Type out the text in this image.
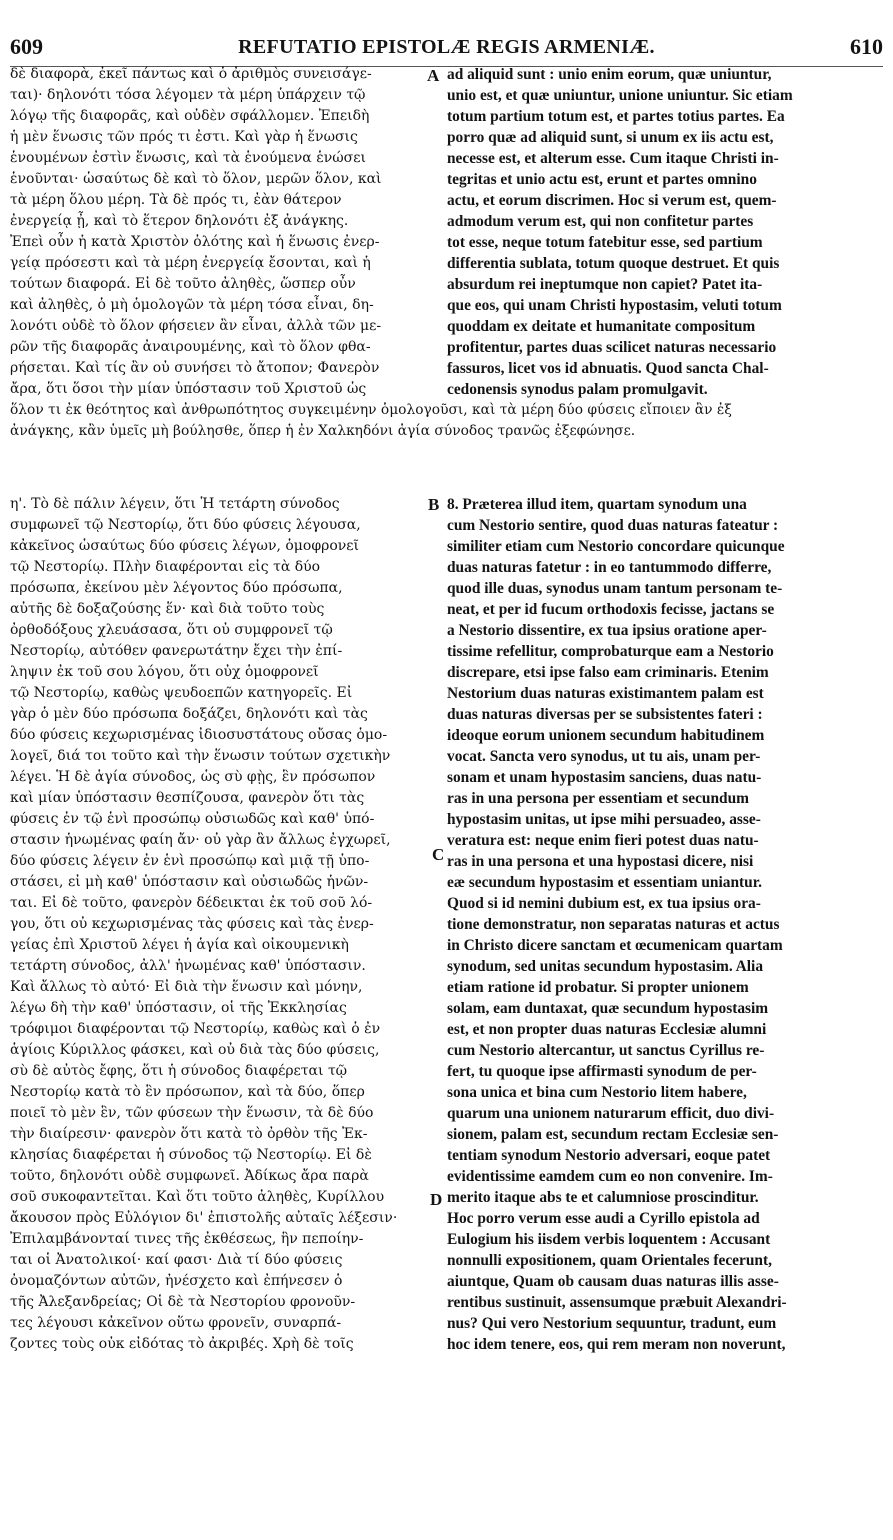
609	REFUTATIO EPISTOLÆ REGIS ARMENIÆ.	610
A
B
C
D
δὲ διαφορὰ, ἐκεῖ πάντως καὶ ὁ ἀριθμὸς συνεισάγε-
ται)· δηλονότι τόσα λέγομεν τὰ μέρη ὑπάρχειν τῷ
λόγῳ τῆς διαφορᾶς, καὶ οὐδὲν σφάλλομεν. Ἐπειδὴ
ἡ μὲν ἕνωσις τῶν πρός τι ἐστι. Καὶ γὰρ ἡ ἕνωσις
ἑνουμένων ἐστὶν ἕνωσις, καὶ τὰ ἑνούμενα ἑνώσει
ἑνοῦνται· ὡσαύτως δὲ καὶ τὸ ὅλον, μερῶν ὅλον, καὶ
τὰ μέρη ὅλου μέρη. Τὰ δὲ πρός τι, ἐὰν θάτερον
ἐνεργείᾳ ᾖ, καὶ τὸ ἕτερον δηλονότι ἐξ ἀνάγκης.
Ἐπεὶ οὖν ἡ κατὰ Χριστὸν ὁλότης καὶ ἡ ἕνωσις ἐνερ-
γείᾳ πρόσεστι καὶ τὰ μέρη ἐνεργείᾳ ἔσονται, καὶ ἡ
τούτων διαφορά. Εἰ δὲ τοῦτο ἀληθὲς, ὥσπερ οὖν
καὶ ἀληθὲς, ὁ μὴ ὁμολογῶν τὰ μέρη τόσα εἶναι, δη-
λονότι οὐδὲ τὸ ὅλον φήσειεν ἂν εἶναι, ἀλλὰ τῶν με-
ρῶν τῆς διαφορᾶς ἀναιρουμένης, καὶ τὸ ὅλον φθα-
ρήσεται. Καὶ τίς ἂν οὐ συνήσει τὸ ἄτοπον; Φανερὸν
ἄρα, ὅτι ὅσοι τὴν μίαν ὑπόστασιν τοῦ Χριστοῦ ὡς
ad aliquid sunt : unio enim eorum, quæ uniuntur,
unio est, et quæ uniuntur, unione uniuntur. Sic etiam
totum partium totum est, et partes totius partes. Ea
porro quæ ad aliquid sunt, si unum ex iis actu est,
necesse est, et alterum esse. Cum itaque Christi in-
tegritas et unio actu est, erunt et partes omnino
actu, et eorum discrimen. Hoc si verum est, quem-
admodum verum est, qui non confitetur partes
tot esse, neque totum fatebitur esse, sed partium
differentia sublata, totum quoque destruet. Et quis
absurdum rei ineptumque non capiet? Patet ita-
que eos, qui unam Christi hypostasim, veluti totum
quoddam ex deitate et humanitate compositum
profitentur, partes duas scilicet naturas necessario
fassuros, licet vos id abnuatis. Quod sancta Chal-
cedonensis synodus palam promulgavit.
ὅλον τι ἐκ θεότητος καὶ ἀνθρωπότητος συγκειμένην ὁμολογοῦσι, καὶ τὰ μέρη δύο φύσεις εἴποιεν ἂν ἐξ
ἀνάγκης, κἂν ὑμεῖς μὴ βούλησθε, ὅπερ ἡ ἐν Χαλκηδόνι ἁγία σύνοδος τρανῶς ἐξεφώνησε.
η'. Τὸ δὲ πάλιν λέγειν, ὅτι Ἡ τετάρτη σύνοδος
συμφωνεῖ τῷ Νεστορίῳ, ὅτι δύο φύσεις λέγουσα,
κἀκεῖνος ὡσαύτως δύο φύσεις λέγων, ὁμοφρονεῖ
τῷ Νεστορίῳ. Πλὴν διαφέρονται εἰς τὰ δύο
πρόσωπα, ἐκείνου μὲν λέγοντος δύο πρόσωπα,
αὐτῆς δὲ δοξαζούσης ἕν· καὶ διὰ τοῦτο τοὺς
ὀρθοδόξους χλευάσασα, ὅτι οὐ συμφρονεῖ τῷ
Νεστορίῳ, αὐτόθεν φανερωτάτην ἔχει τὴν ἐπί-
ληψιν ἐκ τοῦ σου λόγου, ὅτι οὐχ ὁμοφρονεῖ
τῷ Νεστορίῳ, καθὼς ψευδοεπῶν κατηγορεῖς. Εἰ
γὰρ ὁ μὲν δύο πρόσωπα δοξάζει, δηλονότι καὶ τὰς
δύο φύσεις κεχωρισμένας ἰδιοσυστάτους οὔσας ὁμο-
λογεῖ, διά τοι τοῦτο καὶ τὴν ἕνωσιν τούτων σχετικὴν
λέγει. Ἡ δὲ ἁγία σύνοδος, ὡς σὺ φῂς, ἓν πρόσωπον
καὶ μίαν ὑπόστασιν θεσπίζουσα, φανερὸν ὅτι τὰς
φύσεις ἐν τῷ ἑνὶ προσώπῳ οὐσιωδῶς καὶ καθ' ὑπό-
στασιν ἡνωμένας φαίη ἄν· οὐ γὰρ ἂν ἄλλως ἐγχωρεῖ,
δύο φύσεις λέγειν ἐν ἑνὶ προσώπῳ καὶ μιᾷ τῇ ὑπο-
στάσει, εἰ μὴ καθ' ὑπόστασιν καὶ οὐσιωδῶς ἡνῶν-
ται. Εἰ δὲ τοῦτο, φανερὸν δέδεικται ἐκ τοῦ σοῦ λό-
γου, ὅτι οὐ κεχωρισμένας τὰς φύσεις καὶ τὰς ἐνερ-
γείας ἐπὶ Χριστοῦ λέγει ἡ ἁγία καὶ οἰκουμενικὴ
τετάρτη σύνοδος, ἀλλ' ἡνωμένας καθ' ὑπόστασιν.
Καὶ ἄλλως τὸ αὐτό· Εἰ διὰ τὴν ἕνωσιν καὶ μόνην,
λέγω δὴ τὴν καθ' ὑπόστασιν, οἱ τῆς Ἐκκλησίας
τρόφιμοι διαφέρονται τῷ Νεστορίῳ, καθὼς καὶ ὁ ἐν
ἁγίοις Κύριλλος φάσκει, καὶ οὐ διὰ τὰς δύο φύσεις,
σὺ δὲ αὐτὸς ἔφης, ὅτι ἡ σύνοδος διαφέρεται τῷ
Νεστορίῳ κατὰ τὸ ἓν πρόσωπον, καὶ τὰ δύο, ὅπερ
ποιεῖ τὸ μὲν ἓν, τῶν φύσεων τὴν ἕνωσιν, τὰ δὲ δύο
τὴν διαίρεσιν· φανερὸν ὅτι κατὰ τὸ ὀρθὸν τῆς Ἐκ-
κλησίας διαφέρεται ἡ σύνοδος τῷ Νεστορίῳ. Εἰ δὲ
τοῦτο, δηλονότι οὐδὲ συμφωνεῖ. Ἀδίκως ἄρα παρὰ
σοῦ συκοφαντεῖται. Καὶ ὅτι τοῦτο ἀληθὲς, Κυρίλλου
ἄκουσον πρὸς Εὐλόγιον δι' ἐπιστολῆς αὐταῖς λέξεσιν·
Ἐπιλαμβάνονταί τινες τῆς ἐκθέσεως, ἣν πεποίην-
ται οἱ Ἀνατολικοί· καί φασι· Διὰ τί δύο φύσεις
ὀνομαζόντων αὐτῶν, ἠνέσχετο καὶ ἐπήνεσεν ὁ
τῆς Ἀλεξανδρείας; Οἱ δὲ τὰ Νεστορίου φρονοῦν-
τες λέγουσι κἀκεῖνον οὕτω φρονεῖν, συναρπά-
ζοντες τοὺς οὐκ εἰδότας τὸ ἀκριβές. Χρὴ δὲ τοῖς
8. Præterea illud item, quartam synodum una
cum Nestorio sentire, quod duas naturas fateatur :
similiter etiam cum Nestorio concordare quicunque
duas naturas fatetur : in eo tantummodo differre,
quod ille duas, synodus unam tantum personam te-
neat, et per id fucum orthodoxis fecisse, jactans se
a Nestorio dissentire, ex tua ipsius oratione aper-
tissime refellitur, comprobaturque eam a Nestorio
discrepare, etsi ipse falso eam criminaris. Etenim
Nestorium duas naturas existimantem palam est
duas naturas diversas per se subsistentes fateri :
ideoque eorum unionem secundum habitudinem
vocat. Sancta vero synodus, ut tu ais, unam per-
sonam et unam hypostasim sanciens, duas natu-
ras in una persona per essentiam et secundum
hypostasim unitas, ut ipse mihi persuadeo, asse-
veratura est: neque enim fieri potest duas natu-
ras in una persona et una hypostasi dicere, nisi
eæ secundum hypostasim et essentiam uniantur.
Quod si id nemini dubium est, ex tua ipsius ora-
tione demonstratur, non separatas naturas et actus
in Christo dicere sanctam et œcumenicam quartam
synodum, sed unitas secundum hypostasim. Alia
etiam ratione id probatur. Si propter unionem
solam, eam duntaxat, quæ secundum hypostasim
est, et non propter duas naturas Ecclesiæ alumni
cum Nestorio altercantur, ut sanctus Cyrillus re-
fert, tu quoque ipse affirmasti synodum de per-
sona unica et bina cum Nestorio litem habere,
quarum una unionem naturarum efficit, duo divi-
sionem, palam est, secundum rectam Ecclesiæ sen-
tentiam synodum Nestorio adversari, eoque patet
evidentissime eamdem cum eo non convenire. Im-
merito itaque abs te et calumniose proscinditur.
Hoc porro verum esse audi a Cyrillo epistola ad
Eulogium his iisdem verbis loquentem : Accusant
nonnulli expositionem, quam Orientales fecerunt,
aiuntque, Quam ob causam duas naturas illis asse-
rentibus sustinuit, assensumque præbuit Alexandri-
nus? Qui vero Nestorium sequuntur, tradunt, eum
hoc idem tenere, eos, qui rem meram non noverunt,
